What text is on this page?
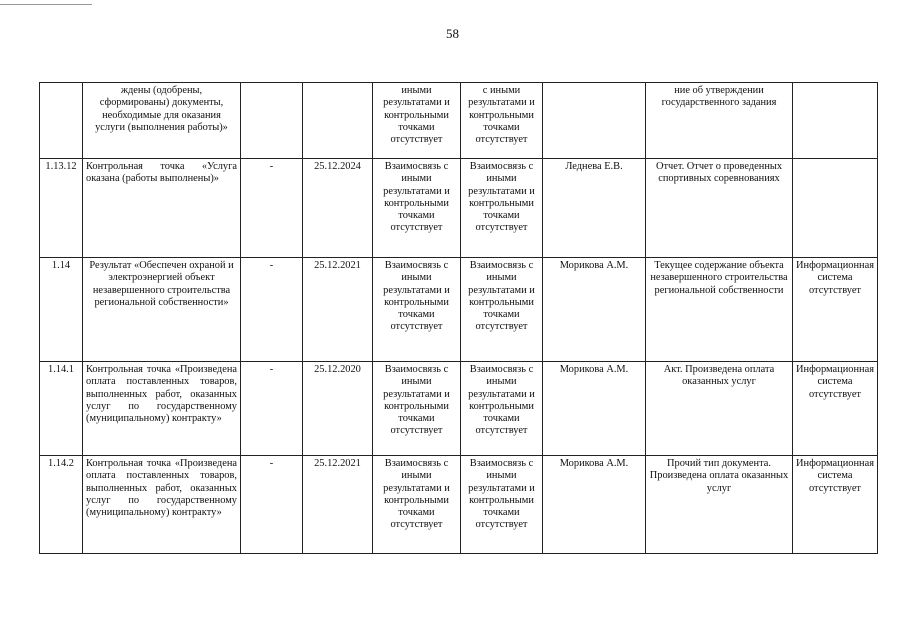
58
	ждены (одобрены, сформированы) документы, необходимые для оказания услуги (выполнения работы)»			иными результатами и контрольными точками отсутствует	с иными результатами и контрольными точками отсутствует		ние об утверждении государственного задания	
1.13.12	Контрольная точка «Услуга оказана (работы выполнены)»	-	25.12.2024	Взаимосвязь с иными результатами и контрольными точками отсутствует	Взаимосвязь с иными результатами и контрольными точками отсутствует	Леднева Е.В.	Отчет. Отчет о проведенных спортивных соревнованиях	
1.14	Результат «Обеспечен охраной и электроэнергией объект незавершенного строительства региональной собственности»	-	25.12.2021	Взаимосвязь с иными результатами и контрольными точками отсутствует	Взаимосвязь с иными результатами и контрольными точками отсутствует	Морикова А.М.	Текущее содержание объекта незавершенного строительства региональной собственности	Информационная система отсутствует
1.14.1	Контрольная точка «Произведена оплата поставленных товаров, выполненных работ, оказанных услуг по государственному (муниципальному) контракту»	-	25.12.2020	Взаимосвязь с иными результатами и контрольными точками отсутствует	Взаимосвязь с иными результатами и контрольными точками отсутствует	Морикова А.М.	Акт. Произведена оплата оказанных услуг	Информационная система отсутствует
1.14.2	Контрольная точка «Произведена оплата поставленных товаров, выполненных работ, оказанных услуг по государственному (муниципальному) контракту»	-	25.12.2021	Взаимосвязь с иными результатами и контрольными точками отсутствует	Взаимосвязь с иными результатами и контрольными точками отсутствует	Морикова А.М.	Прочий тип документа. Произведена оплата оказанных услуг	Информационная система отсутствует
